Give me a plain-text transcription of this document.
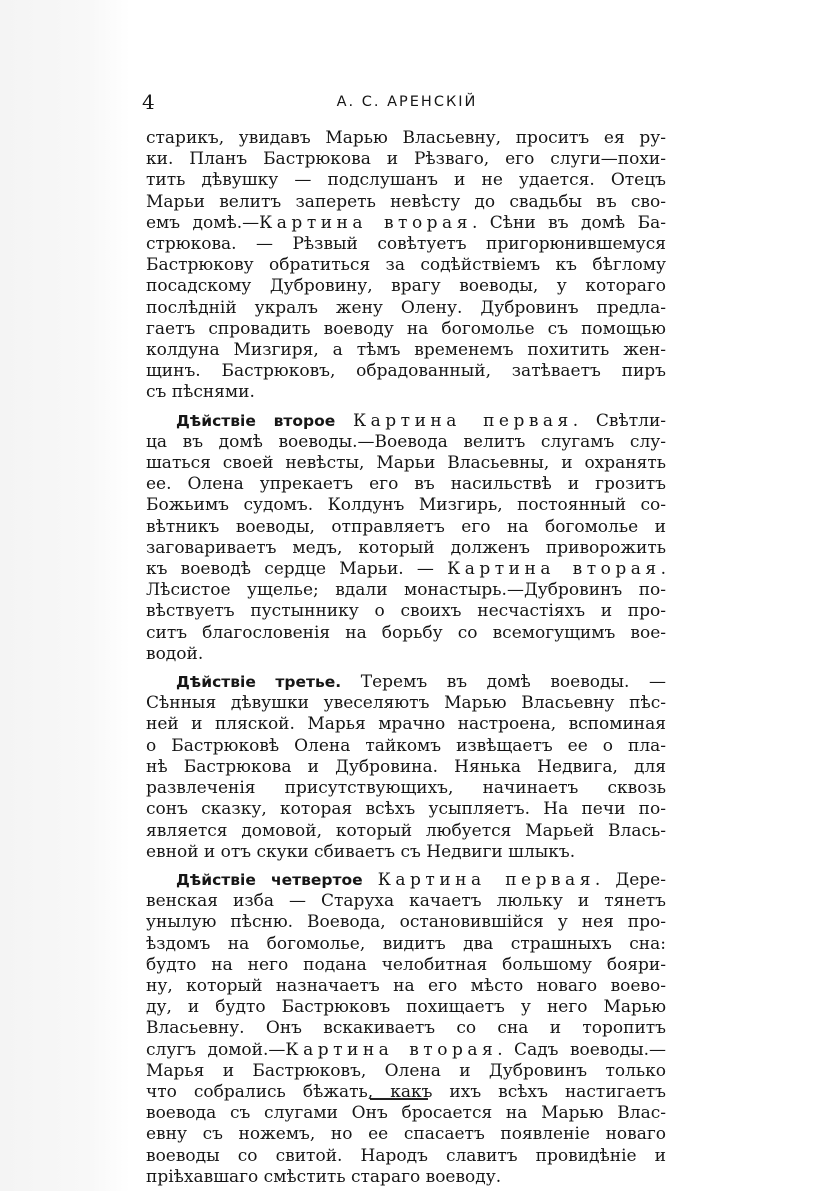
4	А. С. АРЕНСКІЙ
старикъ, увидавъ Марью Власьевну, проситъ ея ру-
ки. Планъ Бастрюкова и Рѣзваго, его слуги—похи-
тить дѣвушку — подслушанъ и не удается. Отецъ
Марьи велитъ запереть невѣсту до свадьбы въ сво-
емъ домѣ.—Картина вторая. Сѣни въ домѣ Ба-
стрюкова. — Рѣзвый совѣтуетъ пригорюнившемуся
Бастрюкову обратиться за содѣйствіемъ къ бѣглому
посадскому Дубровину, врагу воеводы, у котораго
послѣдній укралъ жену Олену. Дубровинъ предла-
гаетъ спровадить воеводу на богомолье съ помощью
колдуна Мизгиря, а тѣмъ временемъ похитить жен-
щинъ. Бастрюковъ, обрадованный, затѣваетъ пиръ
съ пѣснями.
Дѣйствіе второе Картина первая. Свѣтли-
ца въ домѣ воеводы.—Воевода велитъ слугамъ слу-
шаться своей невѣсты, Марьи Власьевны, и охранять
ее. Олена упрекаетъ его въ насильствѣ и грозитъ
Божьимъ судомъ. Колдунъ Мизгирь, постоянный со-
вѣтникъ воеводы, отправляетъ его на богомолье и
заговариваетъ медъ, который долженъ приворожить
къ воеводѣ сердце Марьи. — Картина вторая.
Лѣсистое ущелье; вдали монастырь.—Дубровинъ по-
вѣствуетъ пустыннику о своихъ несчастіяхъ и про-
ситъ благословенія на борьбу со всемогущимъ вое-
водой.
Дѣйствіе третье. Теремъ въ домѣ воеводы. —
Сѣнныя дѣвушки увеселяютъ Марью Власьевну пѣс-
ней и пляской. Марья мрачно настроена, вспоминая
о Бастрюковѣ Олена тайкомъ извѣщаетъ ее о пла-
нѣ Бастрюкова и Дубровина. Нянька Недвига, для
развлеченія присутствующихъ, начинаетъ сквозь
сонъ сказку, которая всѣхъ усыпляетъ. На печи по-
является домовой, который любуется Марьей Влась-
евной и отъ скуки сбиваетъ съ Недвиги шлыкъ.
Дѣйствіе четвертое Картина первая. Дере-
венская изба — Старуха качаетъ люльку и тянетъ
унылую пѣсню. Воевода, остановившійся у нея про-
ѣздомъ на богомолье, видитъ два страшныхъ сна:
будто на него подана челобитная большому бояри-
ну, который назначаетъ на его мѣсто новаго воево-
ду, и будто Бастрюковъ похищаетъ у него Марью
Власьевну. Онъ вскакиваетъ со сна и торопитъ
слугъ домой.—Картина вторая. Садъ воеводы.—
Марья и Бастрюковъ, Олена и Дубровинъ только
что собрались бѣжать, какъ ихъ всѣхъ настигаетъ
воевода съ слугами Онъ бросается на Марью Влас-
евну съ ножемъ, но ее спасаетъ появленіе новаго
воеводы со свитой. Народъ славитъ провидѣніе и
пріѣхавшаго смѣстить стараго воеводу.
